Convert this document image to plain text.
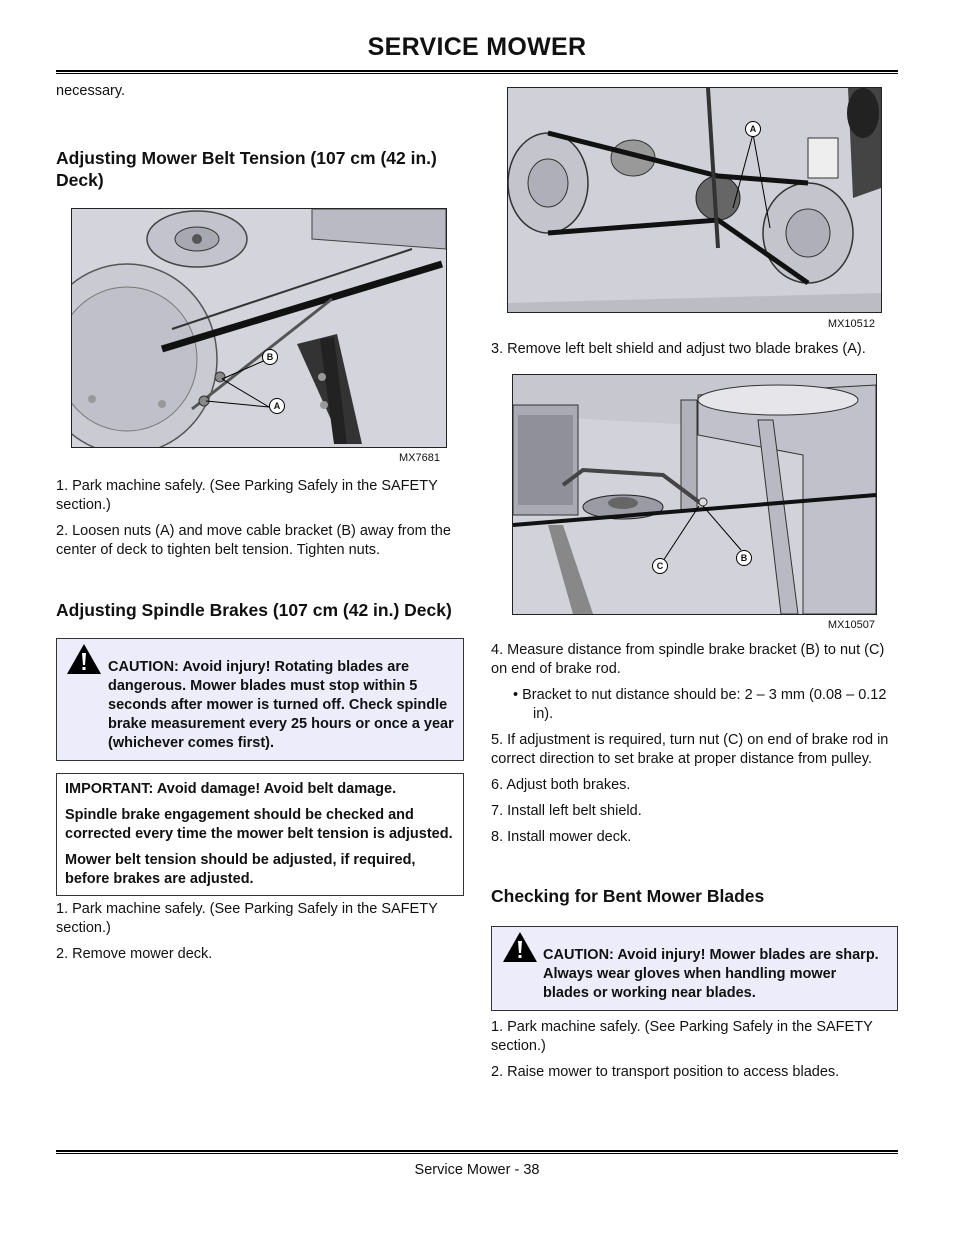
SERVICE MOWER

necessary.

Adjusting Mower Belt Tension (107 cm (42 in.) Deck)
B
A
MX7681

1. Park machine safely. (See Parking Safely in the SAFETY section.)

2. Loosen nuts (A) and move cable bracket (B) away from the center of deck to tighten belt tension. Tighten nuts.

Adjusting Spindle Brakes (107 cm (42 in.) Deck)

CAUTION: Avoid injury! Rotating blades are dangerous. Mower blades must stop within 5 seconds after mower is turned off. Check spindle brake measurement every 25 hours or once a year (whichever comes first).

IMPORTANT: Avoid damage! Avoid belt damage.

Spindle brake engagement should be checked and corrected every time the mower belt tension is adjusted.

Mower belt tension should be adjusted, if required, before brakes are adjusted.

1. Park machine safely. (See Parking Safely in the SAFETY section.)

2. Remove mower deck.

A
MX10512

3. Remove left belt shield and adjust two blade brakes (A).

C
B
MX10507

4. Measure distance from spindle brake bracket (B) to nut (C) on end of brake rod.

• Bracket to nut distance should be: 2 – 3 mm (0.08 – 0.12 in).

5. If adjustment is required, turn nut (C) on end of brake rod in correct direction to set brake at proper distance from pulley.

6. Adjust both brakes.

7. Install left belt shield.

8. Install mower deck.

Checking for Bent Mower Blades

CAUTION: Avoid injury! Mower blades are sharp. Always wear gloves when handling mower blades or working near blades.

1. Park machine safely. (See Parking Safely in the SAFETY section.)

2. Raise mower to transport position to access blades.

Service Mower - 38
